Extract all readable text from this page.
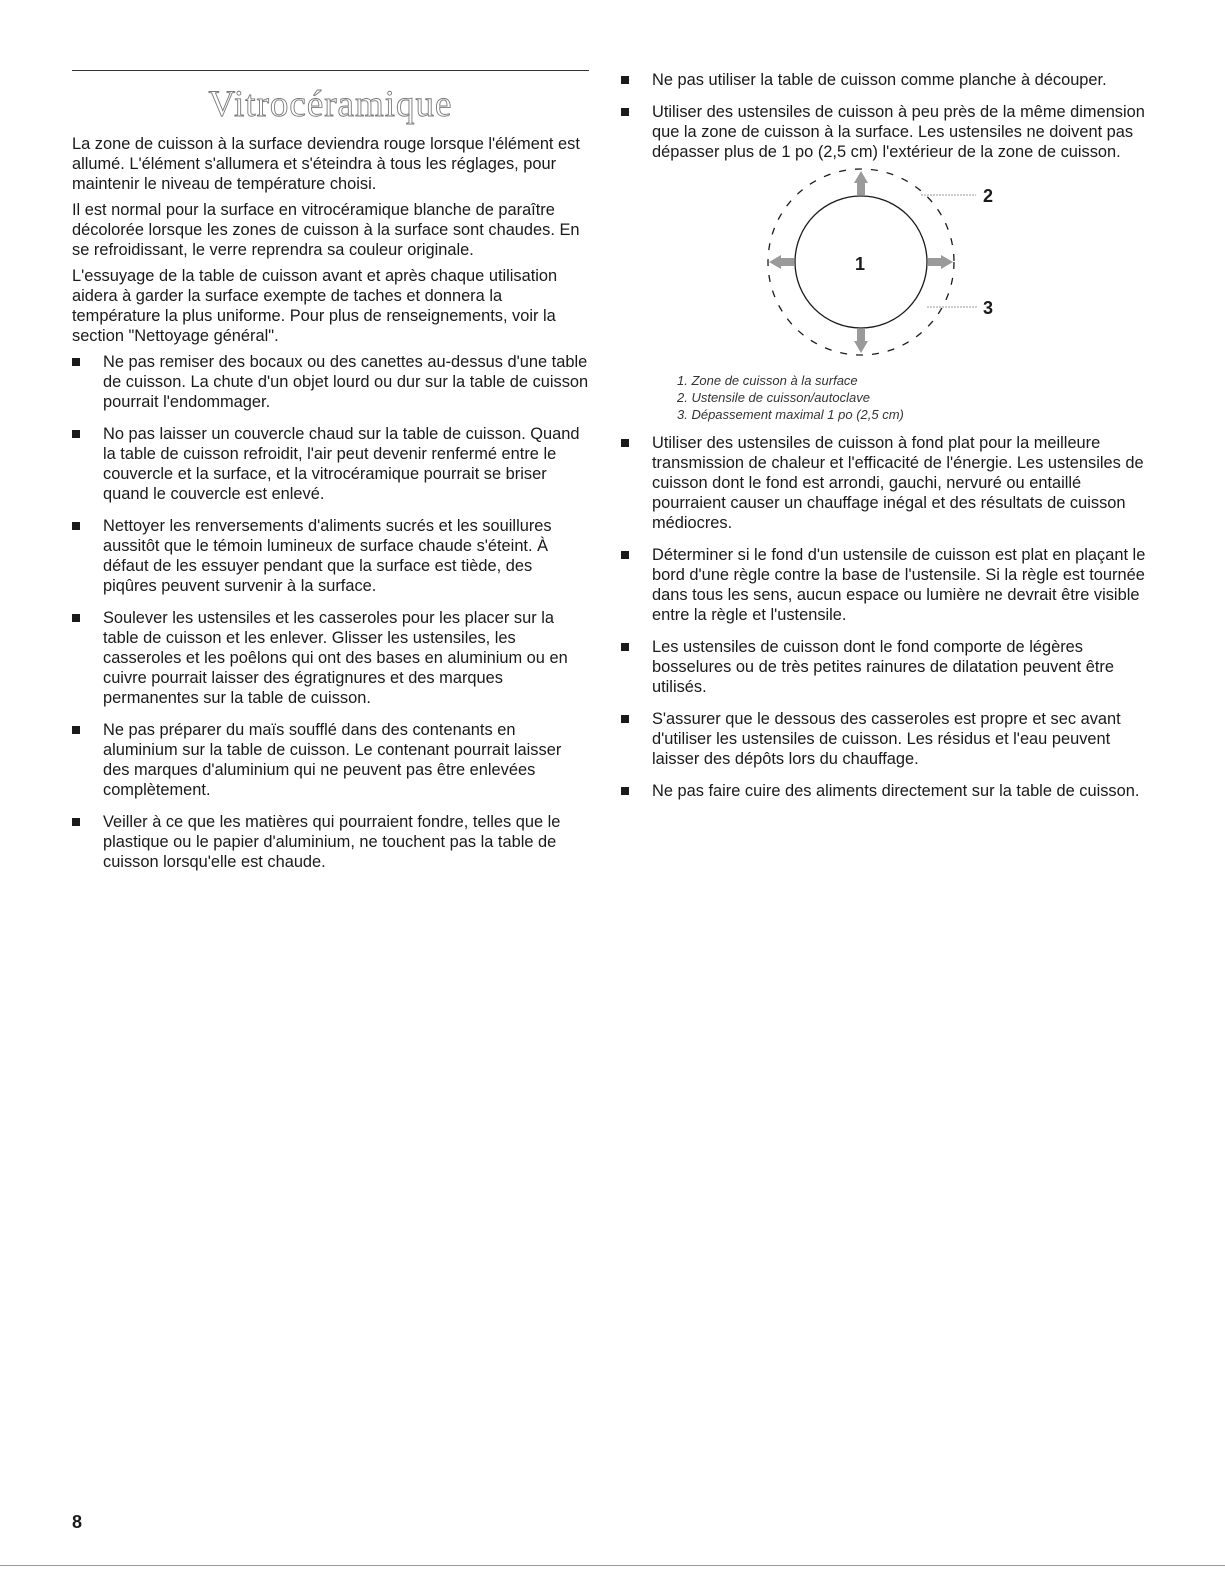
Vitrocéramique

La zone de cuisson à la surface deviendra rouge lorsque l'élément est allumé. L'élément s'allumera et s'éteindra à tous les réglages, pour maintenir le niveau de température choisi.

Il est normal pour la surface en vitrocéramique blanche de paraître décolorée lorsque les zones de cuisson à la surface sont chaudes. En se refroidissant, le verre reprendra sa couleur originale.

L'essuyage de la table de cuisson avant et après chaque utilisation aidera à garder la surface exempte de taches et donnera la température la plus uniforme. Pour plus de renseignements, voir la section "Nettoyage général".

Ne pas remiser des bocaux ou des canettes au-dessus d'une table de cuisson. La chute d'un objet lourd ou dur sur la table de cuisson pourrait l'endommager.
No pas laisser un couvercle chaud sur la table de cuisson. Quand la table de cuisson refroidit, l'air peut devenir renfermé entre le couvercle et la surface, et la vitrocéramique pourrait se briser quand le couvercle est enlevé.
Nettoyer les renversements d'aliments sucrés et les souillures aussitôt que le témoin lumineux de surface chaude s'éteint. À défaut de les essuyer pendant que la surface est tiède, des piqûres peuvent survenir à la surface.
Soulever les ustensiles et les casseroles pour les placer sur la table de cuisson et les enlever. Glisser les ustensiles, les casseroles et les poêlons qui ont des bases en aluminium ou en cuivre pourrait laisser des égratignures et des marques permanentes sur la table de cuisson.
Ne pas préparer du maïs soufflé dans des contenants en aluminium sur la table de cuisson. Le contenant pourrait laisser des marques d'aluminium qui ne peuvent pas être enlevées complètement.
Veiller à ce que les matières qui pourraient fondre, telles que le plastique ou le papier d'aluminium, ne touchent pas la table de cuisson lorsqu'elle est chaude.
Ne pas utiliser la table de cuisson comme planche à découper.
Utiliser des ustensiles de cuisson à peu près de la même dimension que la zone de cuisson à la surface. Les ustensiles ne doivent pas dépasser plus de 1 po (2,5 cm) l'extérieur de la zone de cuisson.
1
2
3
1. Zone de cuisson à la surface
2. Ustensile de cuisson/autoclave
3. Dépassement maximal 1 po (2,5 cm)
Utiliser des ustensiles de cuisson à fond plat pour la meilleure transmission de chaleur et l'efficacité de l'énergie. Les ustensiles de cuisson dont le fond est arrondi, gauchi, nervuré ou entaillé pourraient causer un chauffage inégal et des résultats de cuisson médiocres.
Déterminer si le fond d'un ustensile de cuisson est plat en plaçant le bord d'une règle contre la base de l'ustensile. Si la règle est tournée dans tous les sens, aucun espace ou lumière ne devrait être visible entre la règle et l'ustensile.
Les ustensiles de cuisson dont le fond comporte de légères bosselures ou de très petites rainures de dilatation peuvent être utilisés.
S'assurer que le dessous des casseroles est propre et sec avant d'utiliser les ustensiles de cuisson. Les résidus et l'eau peuvent laisser des dépôts lors du chauffage.
Ne pas faire cuire des aliments directement sur la table de cuisson.
8
